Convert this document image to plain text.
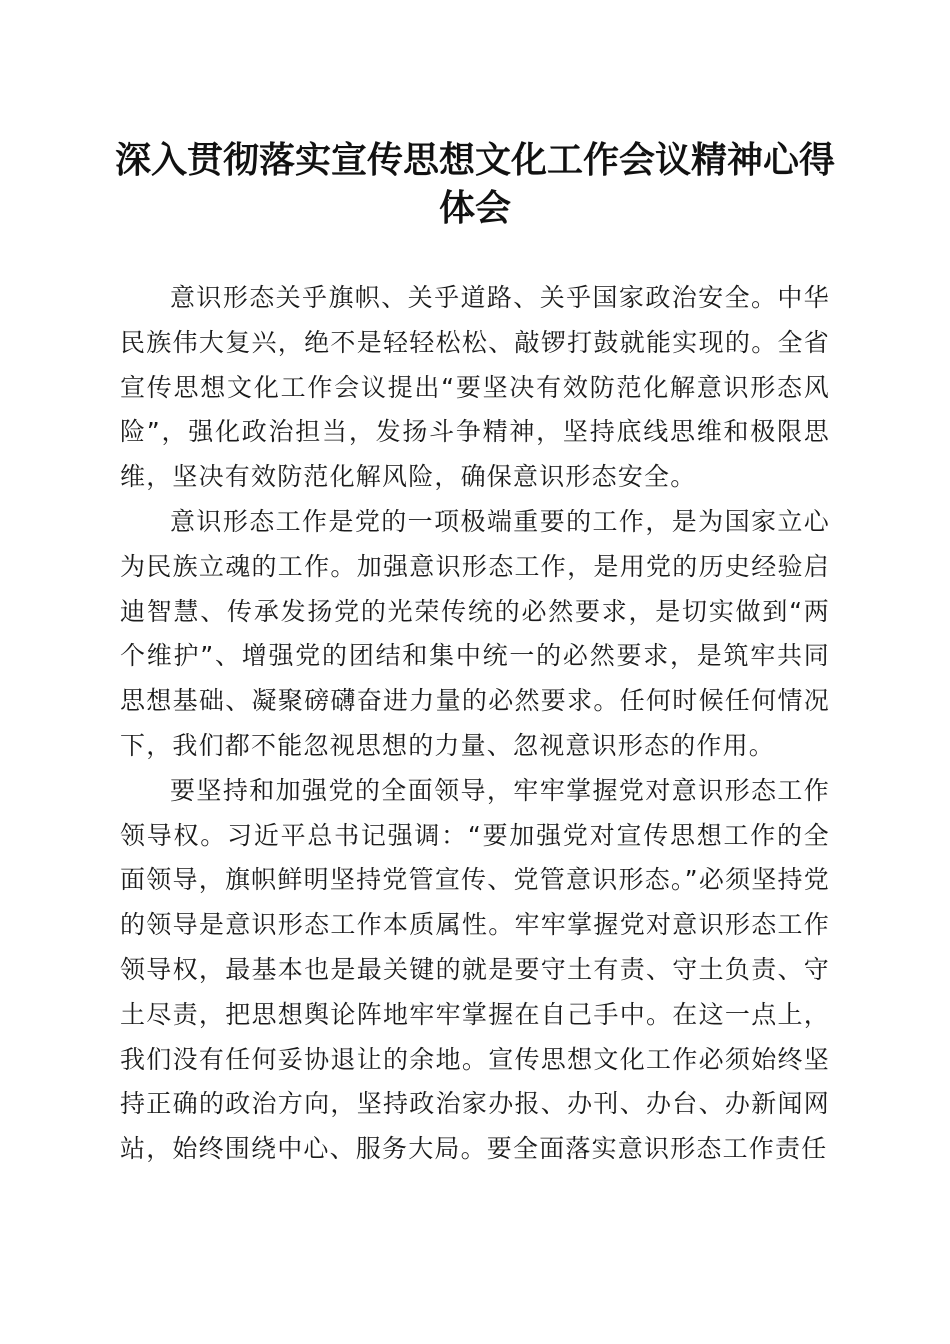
深入贯彻落实宣传思想文化工作会议精神心得体会

意识形态关乎旗帜、关乎道路、关乎国家政治安全。中华民族伟大复兴，绝不是轻轻松松、敲锣打鼓就能实现的。全省宣传思想文化工作会议提出“要坚决有效防范化解意识形态风险”，强化政治担当，发扬斗争精神，坚持底线思维和极限思维，坚决有效防范化解风险，确保意识形态安全。

意识形态工作是党的一项极端重要的工作，是为国家立心为民族立魂的工作。加强意识形态工作，是用党的历史经验启迪智慧、传承发扬党的光荣传统的必然要求，是切实做到“两个维护”、增强党的团结和集中统一的必然要求，是筑牢共同思想基础、凝聚磅礴奋进力量的必然要求。任何时候任何情况下，我们都不能忽视思想的力量、忽视意识形态的作用。

要坚持和加强党的全面领导，牢牢掌握党对意识形态工作领导权。习近平总书记强调：“要加强党对宣传思想工作的全面领导，旗帜鲜明坚持党管宣传、党管意识形态。”必须坚持党的领导是意识形态工作本质属性。牢牢掌握党对意识形态工作领导权，最基本也是最关键的就是要守土有责、守土负责、守土尽责，把思想舆论阵地牢牢掌握在自己手中。在这一点上，我们没有任何妥协退让的余地。宣传思想文化工作必须始终坚持正确的政治方向，坚持政治家办报、办刊、办台、办新闻网站，始终围绕中心、服务大局。要全面落实意识形态工作责任
